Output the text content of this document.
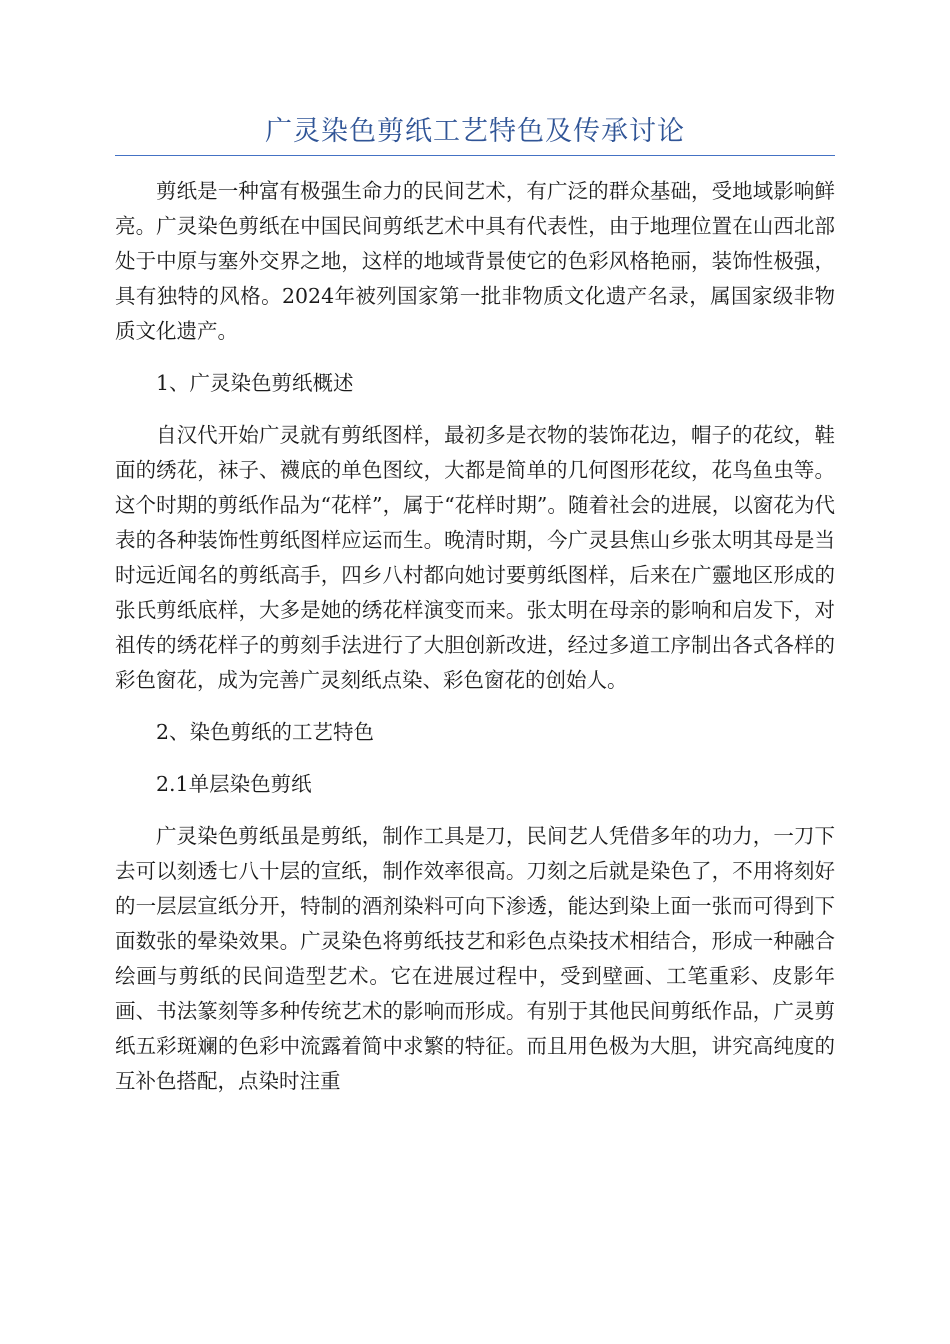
广灵染色剪纸工艺特色及传承讨论

剪纸是一种富有极强生命力的民间艺术，有广泛的群众基础，受地域影响鲜亮。广灵染色剪纸在中国民间剪纸艺术中具有代表性，由于地理位置在山西北部处于中原与塞外交界之地，这样的地域背景使它的色彩风格艳丽，装饰性极强，具有独特的风格。2024年被列国家第一批非物质文化遗产名录，属国家级非物质文化遗产。

1、广灵染色剪纸概述

自汉代开始广灵就有剪纸图样，最初多是衣物的装饰花边，帽子的花纹，鞋面的绣花，袜子、襪底的单色图纹，大都是简单的几何图形花纹，花鸟鱼虫等。这个时期的剪纸作品为“花样”，属于“花样时期”。随着社会的进展，以窗花为代表的各种装饰性剪纸图样应运而生。晚清时期，今广灵县焦山乡张太明其母是当时远近闻名的剪纸高手，四乡八村都向她讨要剪纸图样，后来在广靈地区形成的张氏剪纸底样，大多是她的绣花样演变而来。张太明在母亲的影响和启发下，对祖传的绣花样子的剪刻手法进行了大胆创新改进，经过多道工序制出各式各样的彩色窗花，成为完善广灵刻纸点染、彩色窗花的创始人。

2、染色剪纸的工艺特色

2.1单层染色剪纸

广灵染色剪纸虽是剪纸，制作工具是刀，民间艺人凭借多年的功力，一刀下去可以刻透七八十层的宣纸，制作效率很高。刀刻之后就是染色了，不用将刻好的一层层宣纸分开，特制的酒剂染料可向下渗透，能达到染上面一张而可得到下面数张的晕染效果。广灵染色将剪纸技艺和彩色点染技术相结合，形成一种融合绘画与剪纸的民间造型艺术。它在进展过程中，受到壁画、工笔重彩、皮影年画、书法篆刻等多种传统艺术的影响而形成。有别于其他民间剪纸作品，广灵剪纸五彩斑斓的色彩中流露着简中求繁的特征。而且用色极为大胆，讲究高纯度的互补色搭配，点染时注重
